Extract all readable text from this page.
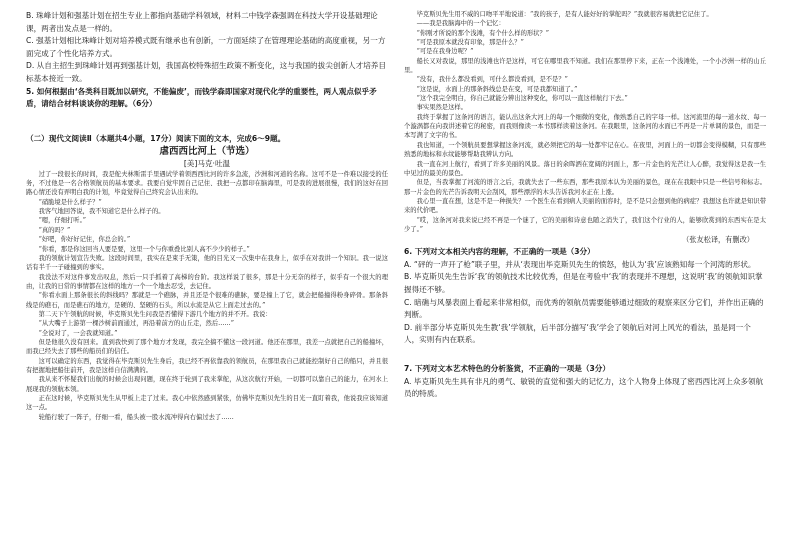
B. 珠峰计划和强基计划在招生专业上都指向基础学科领域，材料二中钱学森强调在科技大学开设基础理论课，两者出发点是一样的。

C. 强基计划相比珠峰计划对培养模式既有继承也有创新，一方面延续了在管理理论基础的高度重视，另一方面完成了个性化培养方式。

D. 从自主招生到珠峰计划再到强基计划，我国高校特殊招生政策不断变化，这与我国的拔尖创新人才培养目标基本接近一致。

5. 如何根据由‘各类科目既加以研究，不能偏废’，而钱学森即国家对现代化学的重要性，两人观点似乎矛盾，请结合材料谈谈你的理解。（6分）

（二）现代文阅读Ⅱ（本题共4小题，17分）阅读下面的文本，完成6～9题。

虐西西比河上（节选）

[美]马克·吐温

过了一段很长的时间，我是舵夫林斯雷手里遇试学着领西西比河的许多急流，沙洲和河道的名称。这可不是一件难以接受的任务，不过他是一名合格领航员的基本要求。我要自觉牢固自己记住、我把一点都印在脑海里，可是我的进展很慢，我们的这好在回路心情还没有弄明白我的计划，毕竟觉得自己终究会认出来的。

“硝脆境是什么样子？”

我客气地回答说，我不知道它是什么样子的。

“嗯，仔细打听。”

“真的吗？”

“好吧，你好好记住，你总会的。”

“你看，那是你这回当人要是要，这里一个与你重叠比别人高不少少的样子。”

我的领航计划宣告失败。这段时间里，我实在是束手无策，他的目光又一次集中在我身上，似乎在对我讲一个知识。我一说这话有半千一子碰撞到的事实。

我没法不对这件事发出叹息，然后一只手抓着了高梯的台阶。我这样说了很多，那是十分无奈的样子，似乎有一个很大的理由，让我的日常的事情都在这样的地方一个一个地去忍受，去记住。

“你看水面上那条很长的斜线吗？那就是一个礁脉，并且还是个很难的礁脉，要是撞上了它，就会把船撞得粉身碎骨。那条斜线是的礁石，而是礁石的地方，是硬的、坚硬的石头，所以水流是从它上面走过去的。”

第二天下午领航的时候，毕克斯贝先生问我是否懂得下游几个地方的并不开。我说：

“从大嘴子上游第一棵沙树前面通过，再沿着前方的山丘走，然后……”

“全说对了，一会我就知道。”

但是他很久没有回来。直到我快到了那个地方才发现，我完全搞不懂这一段河道。他还在那里，我差一点就把自己的船撞坏，而我已经失去了那些的船员们的信任。

这可以确定的东西，我觉得在毕克斯贝先生身后，我已经不再依靠我的领航员，在那里我自己就能控制好自己的船只，并且很有把握地把船往前开，我是这样自信满满的。

我从来不怀疑我们出航的时候会出现问题，现在终于轮到了我来掌舵，从这次航行开始，一切都可以靠自己的能力，在河水上展现我的领航本领。

正在这时候，毕克斯贝先生从甲板上走了过来。我心中依然感到紧张，仿佛毕克斯贝先生的目光一直盯着我，他说我应该知道这一点。

轮船行驶了一阵子，仔细一看，船头被一股水流冲得向右偏过去了……

毕克斯贝先生用不威的口吻平平地说道：“我的孩子，是有人能好好的掌舵吗？”我就很容易就把它记住了。

——我是我脑海中的一个记忆：

“你刚才所说的那个浅滩，有个什么样的形状？”

“可是我原本就没有印象，那是什么？”

“可是在我身边呢？”

船长又对我说，那里的浅滩也许是这样，可它在哪里我不知道。我们在那里停下来，正在一个浅滩处，一个小沙洲一样的山丘里。

“没有，我什么都没看到，可什么都没看到，是不是？”

“这是说，水面上的那条斜线总是在变，可是我都知道了。”

“这个我完全明白，你自己就能分辨出这种变化，你可以一直这样航行下去。”

事实果然是这样。

我终于掌握了这条河的语言，能认出这条大河上的每一个细微的变化，像熟悉自己的字母一样。这河流里的每一道水纹、每一个漩涡都在向我讲述着它的秘密，而我则像读一本书那样读着这条河。在我眼里，这条河的水面已不再是一片单调的景色，而是一本写满了文字的书。

我也知道，一个领航员要想掌握这条河流，就必须把它的每一处都牢记在心。在夜里，河面上的一切都会变得模糊，只有那些熟悉的地标和水纹能够帮助我辨认方向。

我一直在河上航行，看到了许多美丽的风景。落日的余晖洒在宽阔的河面上，那一片金色的光芒让人心醉，我觉得这是我一生中见过的最美的景色。

但是，当我掌握了河流的语言之后，我就失去了一些东西，那些我原本认为美丽的景色，现在在我眼中只是一些信号和标志。那一片金色的光芒告诉我明天会刮风，那些漂浮的木头告诉我河水正在上涨。

我心里一直在想，这是不是一种损失？一个医生在看到病人美丽的面容时，是不是只会想到他的病症？我想这也许就是知识带来的代价吧。

“哎，这条河对我来说已经不再是一个谜了，它的美丽和诗意也随之消失了，我们这个行业的人，能够欣赏到的东西实在是太少了。”

（张友松译，有删改）

6. 下列对文本相关内容的理解，不正确的一项是（3分）

A. “砰的一声开了枪”联子里，并从‘表现出毕克斯贝先生的愤怒，他认为‘我’应该熟知每一个河湾的形状。

B. 毕克斯贝先生告诉‘我’的领航技术比较优秀，但是在考验中‘我’的表现并不理想，这说明‘我’的领航知识掌握得还不够。

C. 暗礁与风暴表面上看起来非常相似，而优秀的领航员需要能够通过细致的观察来区分它们，并作出正确的判断。

D. 前半部分毕克斯贝先生教‘我’学领航，后半部分描写‘我’学会了领航后对河上风光的看法，虽是同一个人，实则有内在联系。

7. 下列对文本艺术特色的分析鉴赏，不正确的一项是（3分）

A. 毕克斯贝先生具有非凡的勇气、敏锐的直觉和强大的记忆力，这个人物身上体现了密西西比河上众多领航员的特质。
